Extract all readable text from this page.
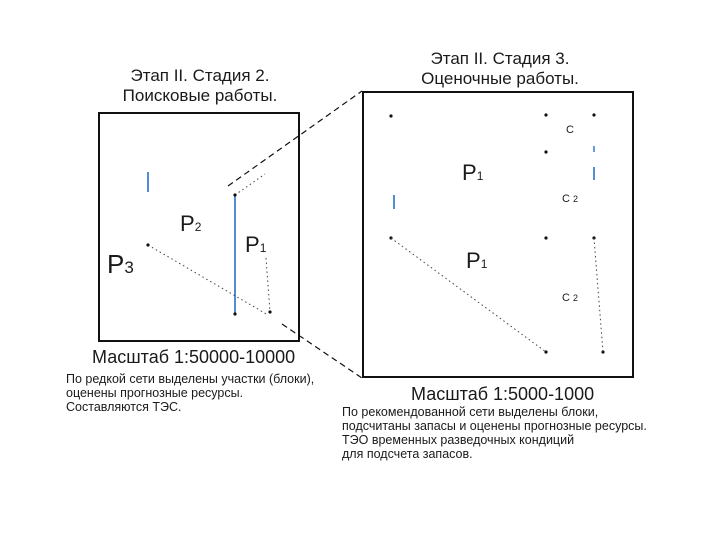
Этап II. Стадия 2.
Поисковые работы.
Этап II. Стадия 3.
Оценочные работы.
P2
P3
P1
C
P1
C 2
P1
C 2
Масштаб 1:50000-10000
Масштаб 1:5000-1000
По редкой сети выделены участки (блоки),
оценены прогнозные ресурсы.
Составляются ТЭС.	По рекомендованной сети выделены блоки,
подсчитаны запасы и оценены прогнозные ресурсы.
ТЭО временных разведочных кондиций
для подсчета запасов.
